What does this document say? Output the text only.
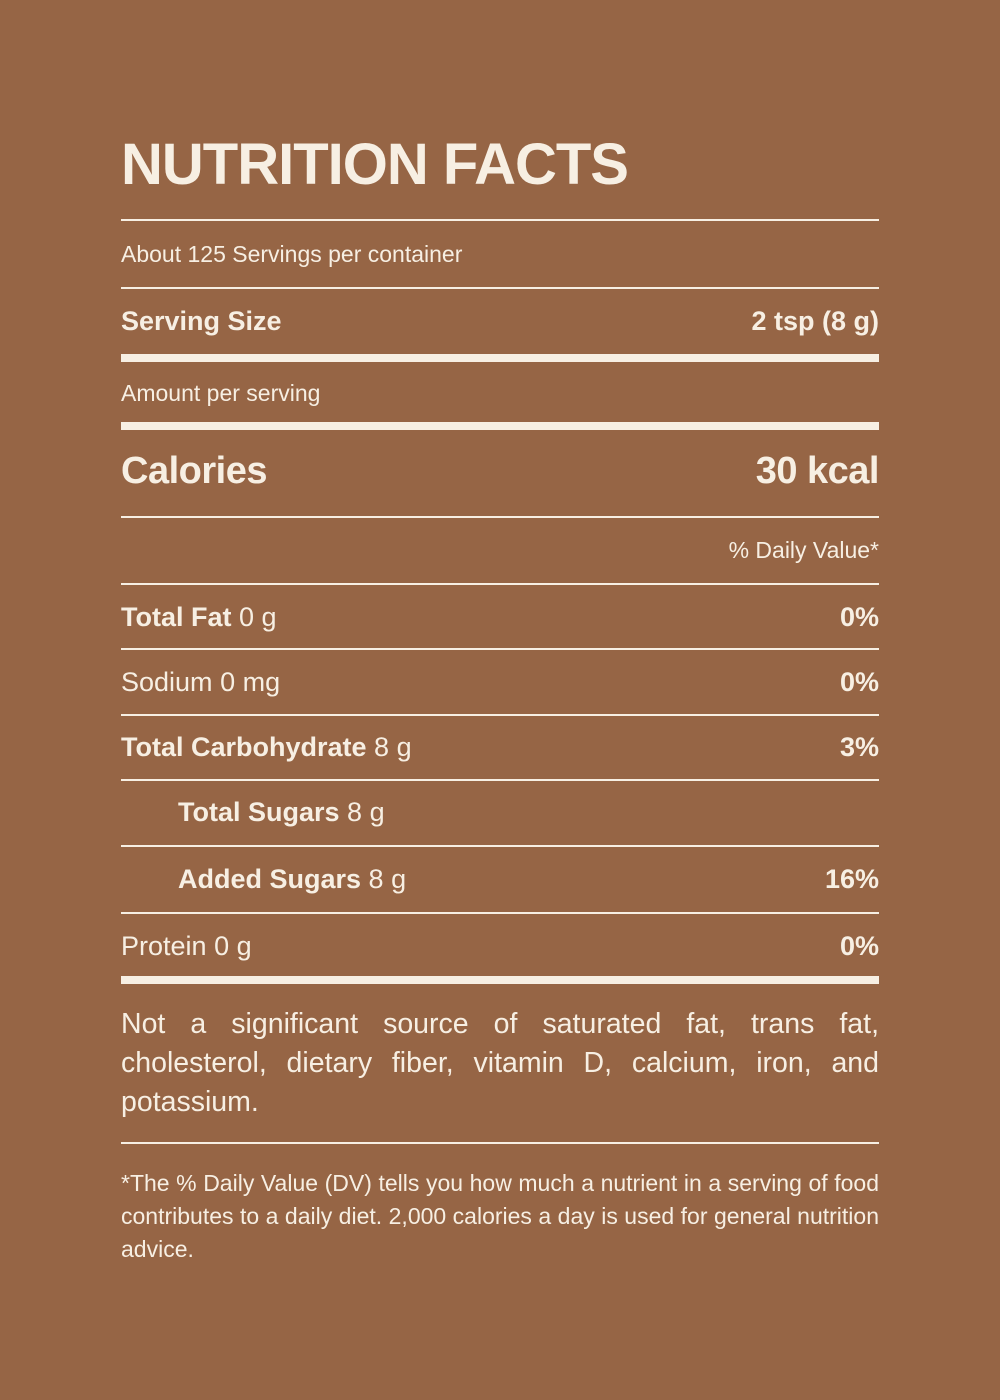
NUTRITION FACTS
About 125 Servings per container
Serving Size	2 tsp (8 g)
Amount per serving
Calories	30 kcal
% Daily Value*
Total Fat 0 g	0%
Sodium 0 mg	0%
Total Carbohydrate 8 g	3%
Total Sugars 8 g
Added Sugars 8 g	16%
Protein 0 g	0%
Not a significant source of saturated fat, trans fat, cholesterol, dietary fiber, vitamin D, calcium, iron, and potassium.
*The % Daily Value (DV) tells you how much a nutrient in a serving of food contributes to a daily diet. 2,000 calories a day is used for general nutrition advice.
